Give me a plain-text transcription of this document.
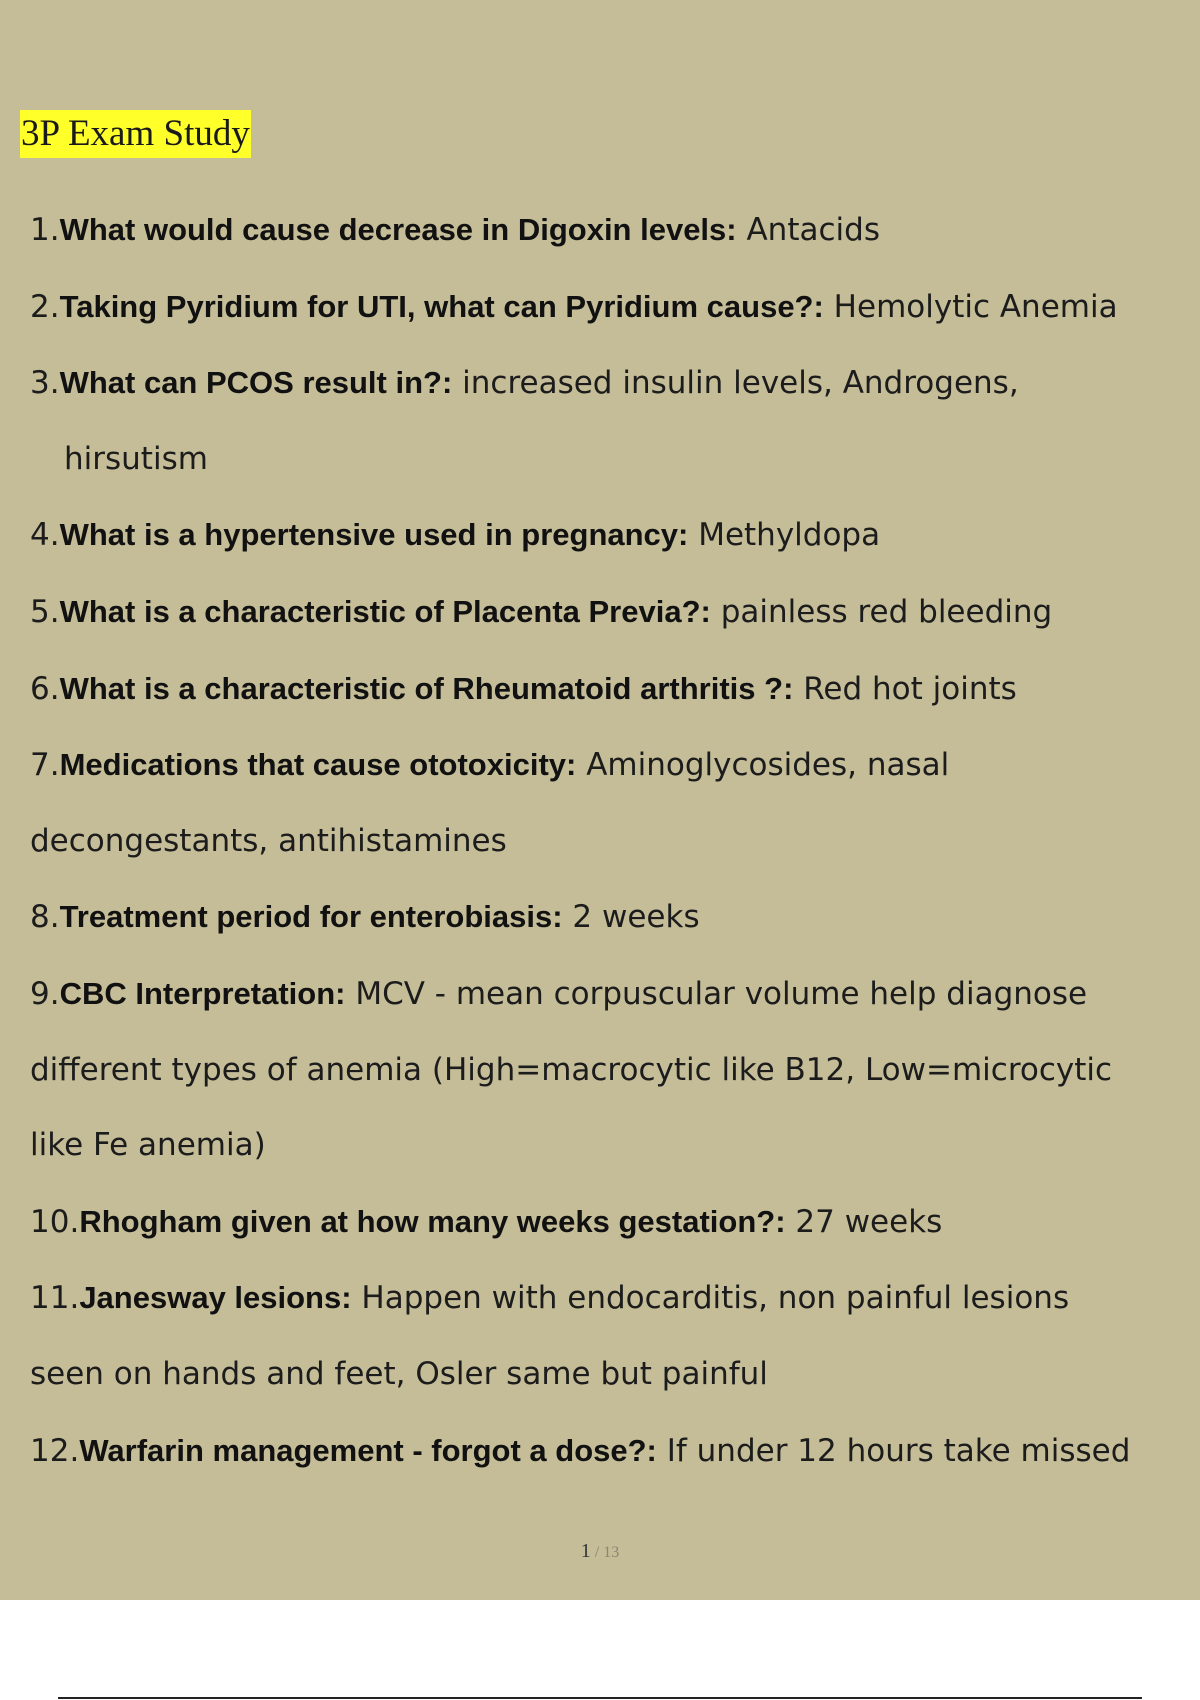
3P Exam Study
1.What would cause decrease in Digoxin levels: Antacids
2.Taking Pyridium for UTI, what can Pyridium cause?: Hemolytic Anemia
3.What can PCOS result in?: increased insulin levels, Androgens,
hirsutism
4.What is a hypertensive used in pregnancy: Methyldopa
5.What is a characteristic of Placenta Previa?: painless red bleeding
6.What is a characteristic of Rheumatoid arthritis ?: Red hot joints
7.Medications that cause ototoxicity: Aminoglycosides, nasal
decongestants, antihistamines
8.Treatment period for enterobiasis: 2 weeks
9.CBC Interpretation: MCV - mean corpuscular volume help diagnose
different types of anemia (High=macrocytic like B12, Low=microcytic
like Fe anemia)
10.Rhogham given at how many weeks gestation?: 27 weeks
11.Janesway lesions: Happen with endocarditis, non painful lesions
seen on hands and feet, Osler same but painful
12.Warfarin management - forgot a dose?: If under 12 hours take missed
1 / 13
